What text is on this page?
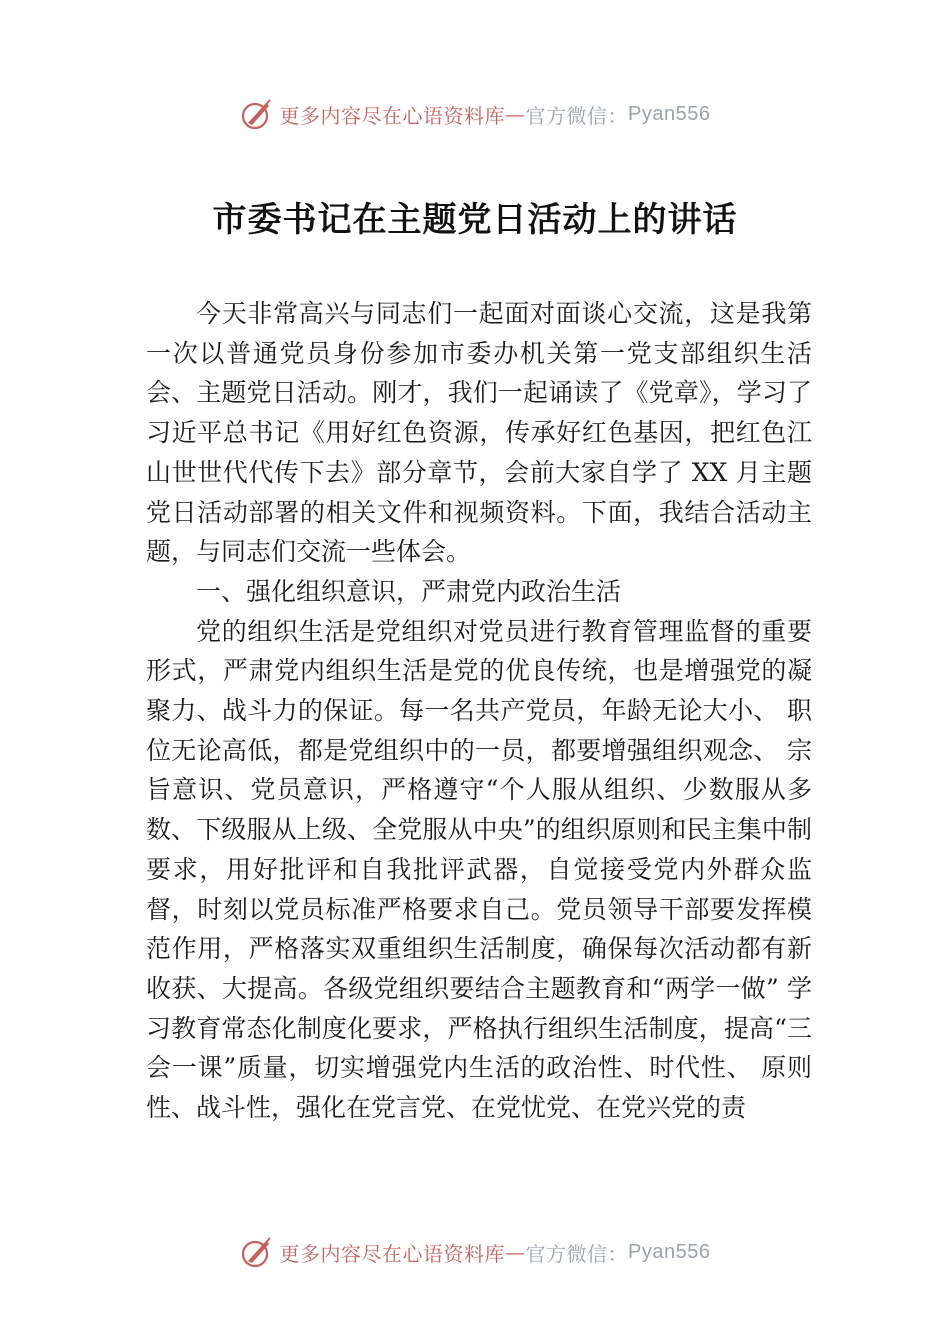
更多内容尽在心语资料库 — 官方微信： Pyan556
市委书记在主题党日活动上的讲话

今天非常高兴与同志们一起面对面谈心交流，这是我第一次以普通党员身份参加市委办机关第一党支部组织生活会、主题党日活动。刚才，我们一起诵读了《党章》，学习了习近平总书记《用好红色资源，传承好红色基因，把红色江山世世代代传下去》部分章节，会前大家自学了 XX 月主题党日活动部署的相关文件和视频资料。下面，我结合活动主题，与同志们交流一些体会。

一、强化组织意识，严肃党内政治生活

党的组织生活是党组织对党员进行教育管理监督的重要形式，严肃党内组织生活是党的优良传统，也是增强党的凝聚力、战斗力的保证。每一名共产党员，年龄无论大小、 职位无论高低，都是党组织中的一员，都要增强组织观念、 宗旨意识、党员意识，严格遵守“个人服从组织、少数服从多数、下级服从上级、全党服从中央”的组织原则和民主集中制要求，用好批评和自我批评武器，自觉接受党内外群众监督，时刻以党员标准严格要求自己。党员领导干部要发挥模范作用，严格落实双重组织生活制度，确保每次活动都有新收获、大提高。各级党组织要结合主题教育和“两学一做” 学习教育常态化制度化要求，严格执行组织生活制度，提高“三会一课”质量，切实增强党内生活的政治性、时代性、 原则性、战斗性，强化在党言党、在党忧党、在党兴党的责

更多内容尽在心语资料库 — 官方微信： Pyan556
